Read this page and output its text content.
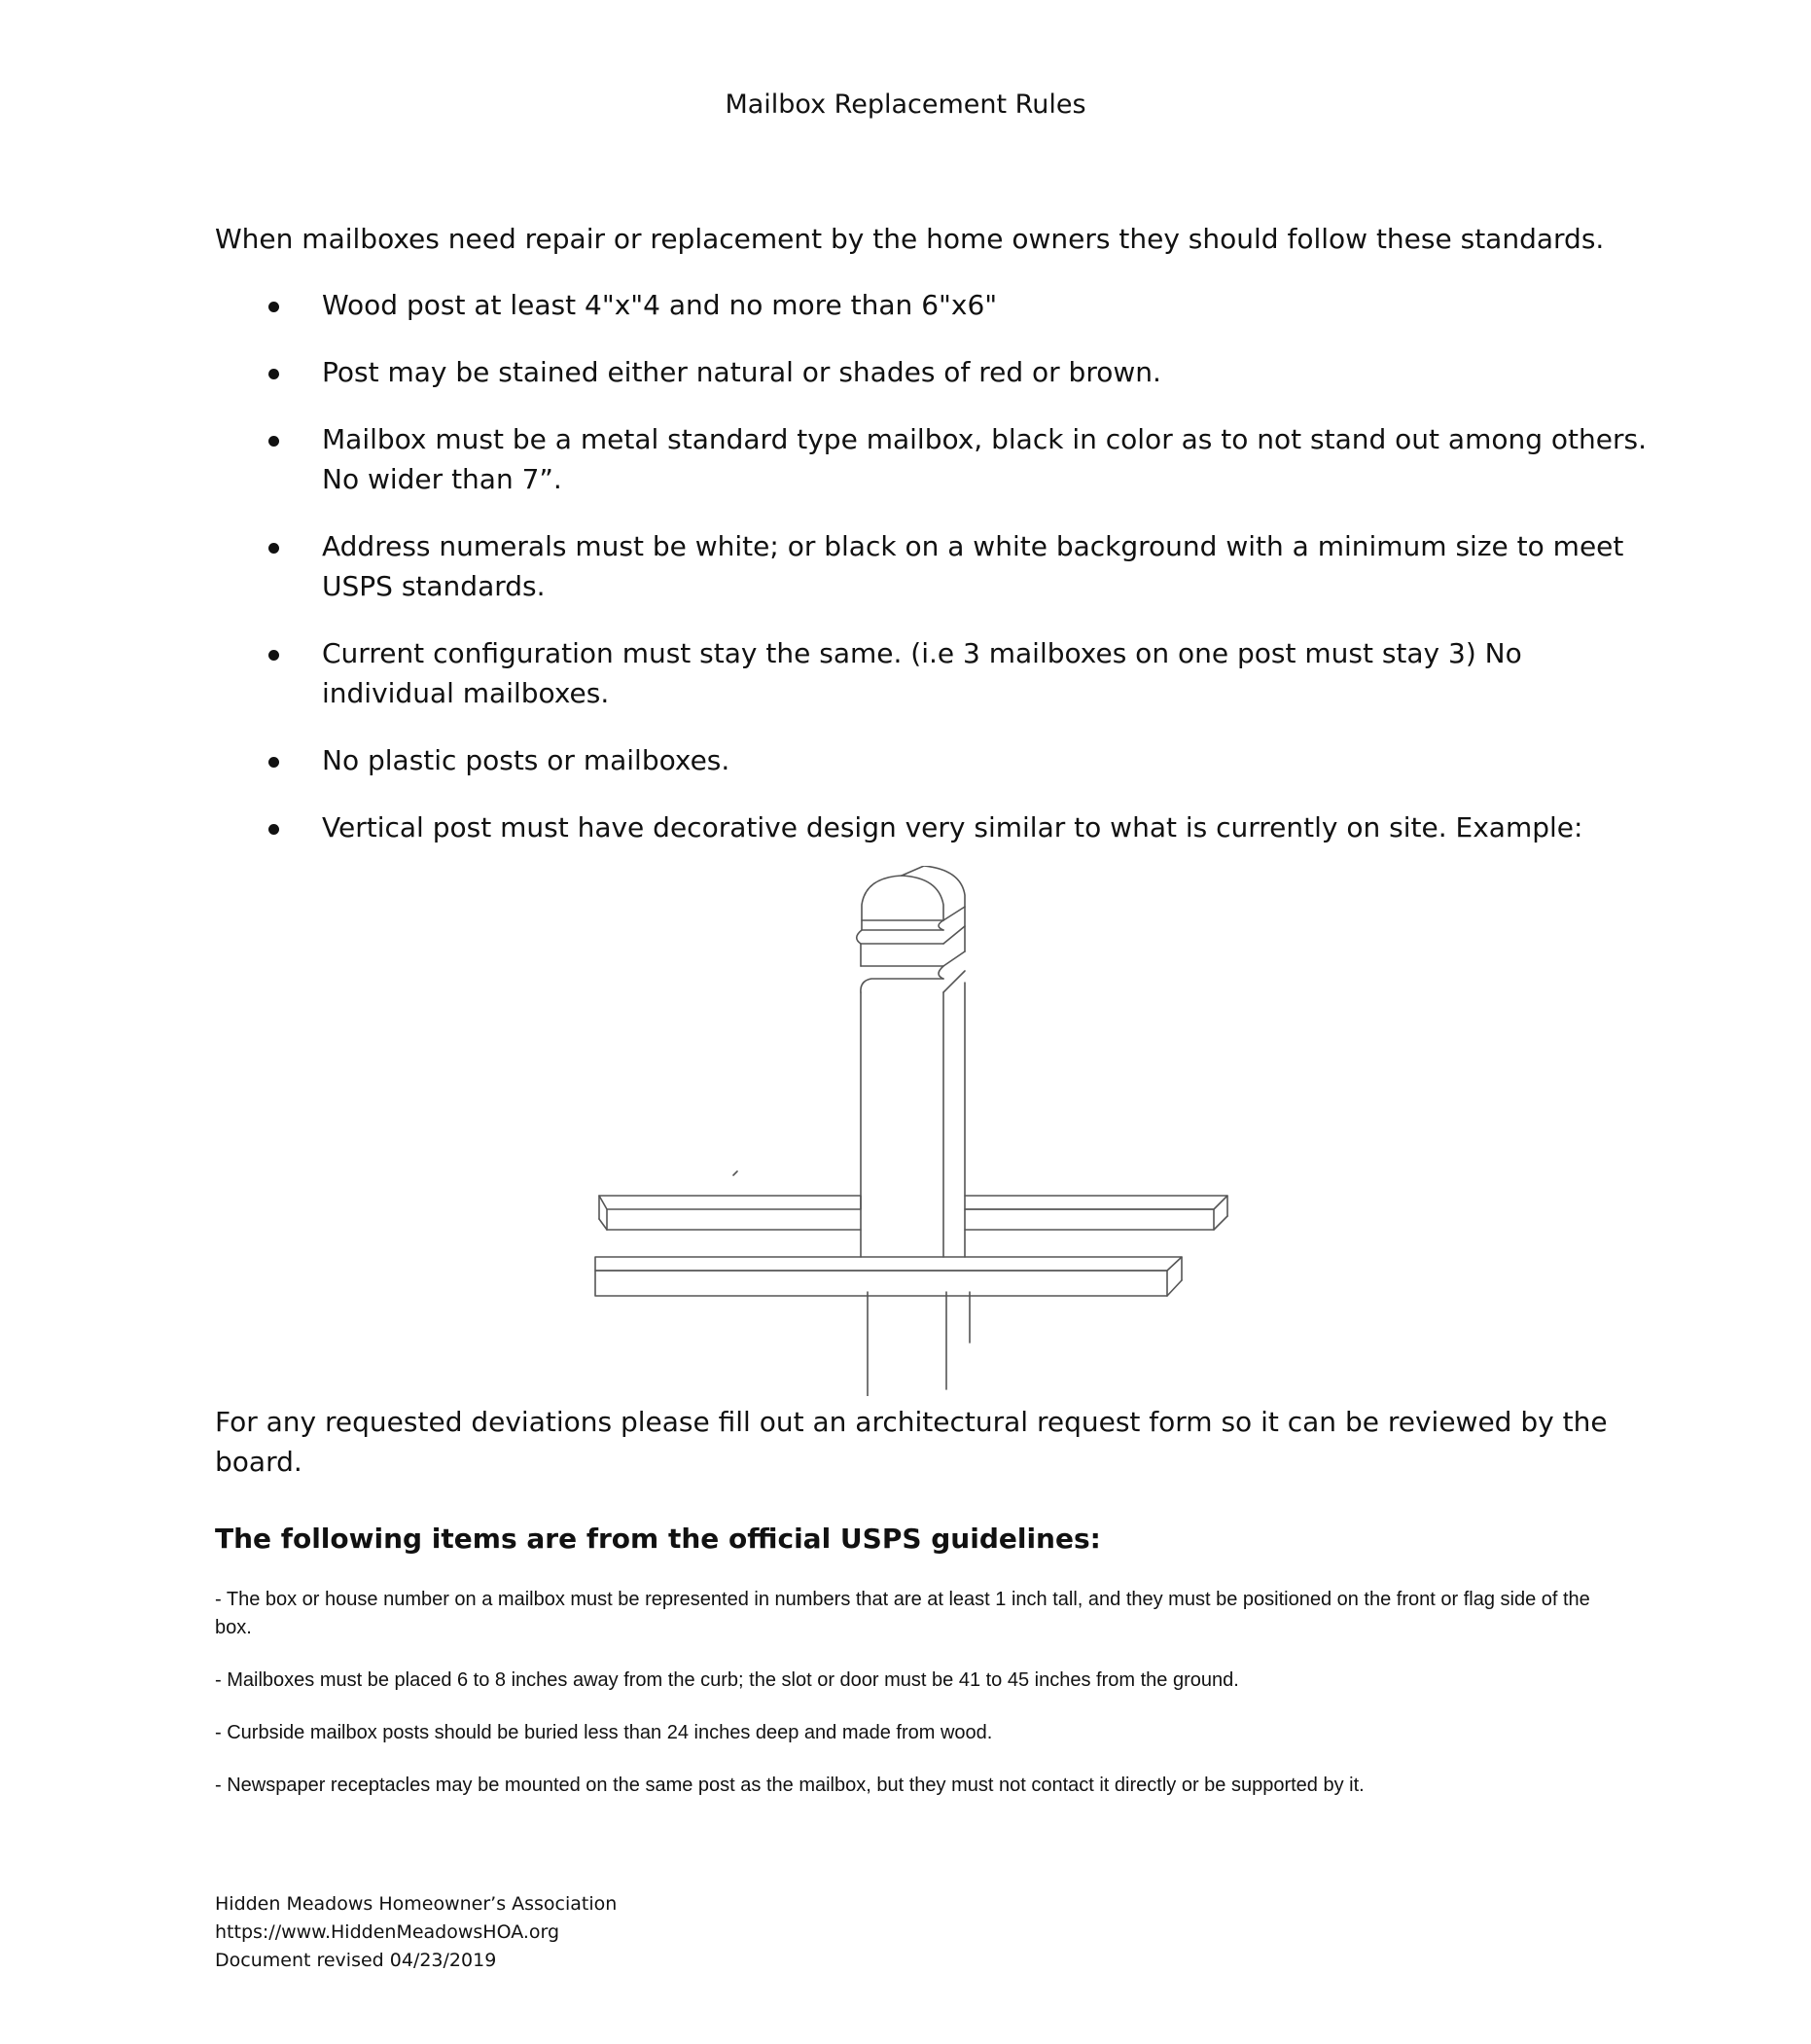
Mailbox Replacement Rules
When mailboxes need repair or replacement by the home owners they should follow these standards.
Wood post at least 4"x"4 and no more than 6"x6"
Post may be stained either natural or shades of red or brown.
Mailbox must be a metal standard type mailbox, black in color as to not stand out among others. No wider than 7”.
Address numerals must be white; or black on a white background with a minimum size to meet USPS standards.
Current configuration must stay the same. (i.e 3 mailboxes on one post must stay 3) No individual mailboxes.
No plastic posts or mailboxes.
Vertical post must have decorative design very similar to what is currently on site. Example:
For any requested deviations please fill out an architectural request form so it can be reviewed by the board.
The following items are from the official USPS guidelines:
- The box or house number on a mailbox must be represented in numbers that are at least 1 inch tall, and they must be positioned on the front or flag side of the box.
- Mailboxes must be placed 6 to 8 inches away from the curb; the slot or door must be 41 to 45 inches from the ground.
- Curbside mailbox posts should be buried less than 24 inches deep and made from wood.
- Newspaper receptacles may be mounted on the same post as the mailbox, but they must not contact it directly or be supported by it.
Hidden Meadows Homeowner’s Association
https://www.HiddenMeadowsHOA.org
Document revised 04/23/2019
